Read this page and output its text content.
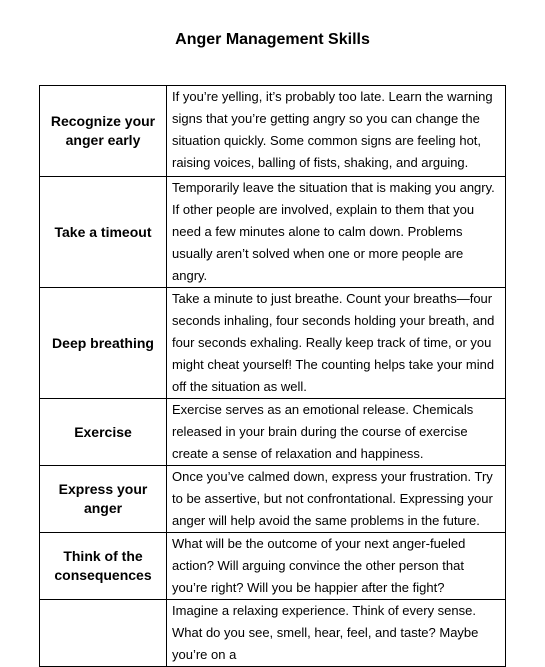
Anger Management Skills
Recognize your anger early	If you’re yelling, it’s probably too late. Learn the warning signs that you’re getting angry so you can change the situation quickly. Some common signs are feeling hot, raising voices, balling of fists, shaking, and arguing.

Take a timeout	Temporarily leave the situation that is making you angry. If other people are involved, explain to them that you need a few minutes alone to calm down. Problems usually aren’t solved when one or more people are angry.

Deep breathing	Take a minute to just breathe. Count your breaths—four seconds inhaling, four seconds holding your breath, and four seconds exhaling. Really keep track of time, or you might cheat yourself! The counting helps take your mind off the situation as well.

Exercise	Exercise serves as an emotional release. Chemicals released in your brain during the course of exercise create a sense of relaxation and happiness.

Express your anger	Once you’ve calmed down, express your frustration. Try to be assertive, but not confrontational. Expressing your anger will help avoid the same problems in the future.

Think of the consequences	What will be the outcome of your next anger-fueled action? Will arguing convince the other person that you’re right? Will you be happier after the fight?

	Imagine a relaxing experience. Think of every sense. What do you see, smell, hear, feel, and taste? Maybe you’re on a
